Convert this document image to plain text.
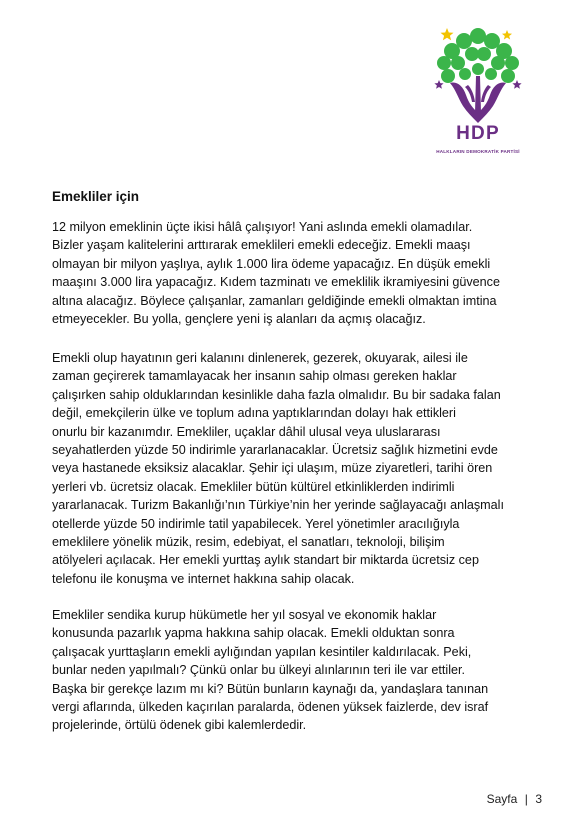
HDP
HALKLARIN DEMOKRATİK PARTİSİ
Emekliler için
12 milyon emeklinin üçte ikisi hâlâ çalışıyor! Yani aslında emekli olamadılar.
Bizler yaşam kalitelerini arttırarak emeklileri emekli edeceğiz. Emekli maaşı
olmayan bir milyon yaşlıya, aylık 1.000 lira ödeme yapacağız. En düşük emekli
maaşını 3.000 lira yapacağız. Kıdem tazminatı ve emeklilik ikramiyesini güvence
altına alacağız. Böylece çalışanlar, zamanları geldiğinde emekli olmaktan imtina
etmeyecekler. Bu yolla, gençlere yeni iş alanları da açmış olacağız.
Emekli olup hayatının geri kalanını dinlenerek, gezerek, okuyarak, ailesi ile
zaman geçirerek tamamlayacak her insanın sahip olması gereken haklar
çalışırken sahip olduklarından kesinlikle daha fazla olmalıdır. Bu bir sadaka falan
değil, emekçilerin ülke ve toplum adına yaptıklarından dolayı hak ettikleri
onurlu bir kazanımdır. Emekliler, uçaklar dâhil ulusal veya uluslararası
seyahatlerden yüzde 50 indirimle yararlanacaklar. Ücretsiz sağlık hizmetini evde
veya hastanede eksiksiz alacaklar. Şehir içi ulaşım, müze ziyaretleri, tarihi ören
yerleri vb. ücretsiz olacak. Emekliler bütün kültürel etkinliklerden indirimli
yararlanacak. Turizm Bakanlığı’nın Türkiye’nin her yerinde sağlayacağı anlaşmalı
otellerde yüzde 50 indirimle tatil yapabilecek. Yerel yönetimler aracılığıyla
emeklilere yönelik müzik, resim, edebiyat, el sanatları, teknoloji, bilişim
atölyeleri açılacak. Her emekli yurttaş aylık standart bir miktarda ücretsiz cep
telefonu ile konuşma ve internet hakkına sahip olacak.
Emekliler sendika kurup hükümetle her yıl sosyal ve ekonomik haklar
konusunda pazarlık yapma hakkına sahip olacak. Emekli olduktan sonra
çalışacak yurttaşların emekli aylığından yapılan kesintiler kaldırılacak. Peki,
bunlar neden yapılmalı? Çünkü onlar bu ülkeyi alınlarının teri ile var ettiler.
Başka bir gerekçe lazım mı ki? Bütün bunların kaynağı da, yandaşlara tanınan
vergi aflarında, ülkeden kaçırılan paralarda, ödenen yüksek faizlerde, dev israf
projelerinde, örtülü ödenek gibi kalemlerdedir.
Sayfa | 3
